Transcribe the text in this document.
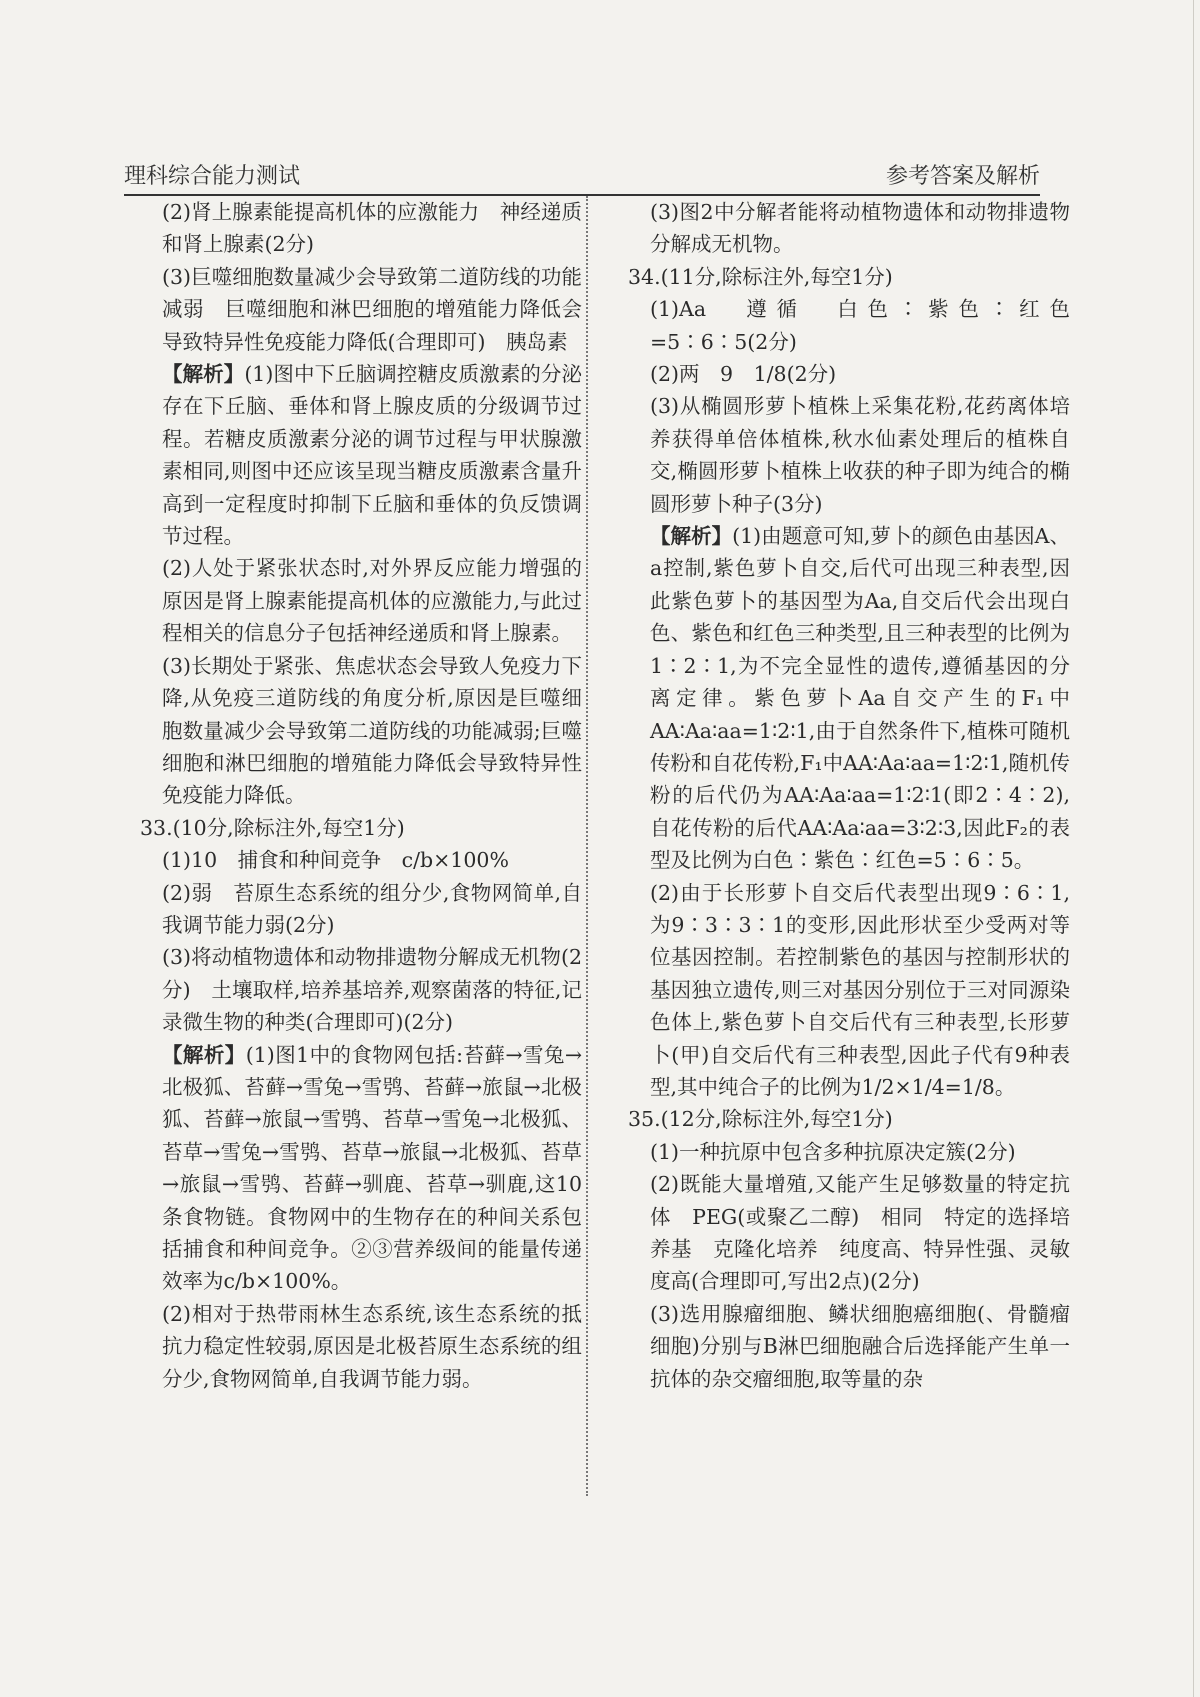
理科综合能力测试	参考答案及解析

(2)肾上腺素能提高机体的应激能力　神经递质和肾上腺素(2分)

(3)巨噬细胞数量减少会导致第二道防线的功能减弱　巨噬细胞和淋巴细胞的增殖能力降低会导致特异性免疫能力降低(合理即可)　胰岛素

【解析】(1)图中下丘脑调控糖皮质激素的分泌存在下丘脑、垂体和肾上腺皮质的分级调节过程。若糖皮质激素分泌的调节过程与甲状腺激素相同,则图中还应该呈现当糖皮质激素含量升高到一定程度时抑制下丘脑和垂体的负反馈调节过程。

(2)人处于紧张状态时,对外界反应能力增强的原因是肾上腺素能提高机体的应激能力,与此过程相关的信息分子包括神经递质和肾上腺素。

(3)长期处于紧张、焦虑状态会导致人免疫力下降,从免疫三道防线的角度分析,原因是巨噬细胞数量减少会导致第二道防线的功能减弱;巨噬细胞和淋巴细胞的增殖能力降低会导致特异性免疫能力降低。

33.(10分,除标注外,每空1分)

(1)10　捕食和种间竞争　c/b×100%

(2)弱　苔原生态系统的组分少,食物网简单,自我调节能力弱(2分)

(3)将动植物遗体和动物排遗物分解成无机物(2分)　土壤取样,培养基培养,观察菌落的特征,记录微生物的种类(合理即可)(2分)

【解析】(1)图1中的食物网包括:苔藓→雪兔→北极狐、苔藓→雪兔→雪鸮、苔藓→旅鼠→北极狐、苔藓→旅鼠→雪鸮、苔草→雪兔→北极狐、苔草→雪兔→雪鸮、苔草→旅鼠→北极狐、苔草→旅鼠→雪鸮、苔藓→驯鹿、苔草→驯鹿,这10条食物链。食物网中的生物存在的种间关系包括捕食和种间竞争。②③营养级间的能量传递效率为c/b×100%。

(2)相对于热带雨林生态系统,该生态系统的抵抗力稳定性较弱,原因是北极苔原生态系统的组分少,食物网简单,自我调节能力弱。

(3)图2中分解者能将动植物遗体和动物排遗物分解成无机物。

34.(11分,除标注外,每空1分)

(1)Aa　遵循　白色∶紫色∶红色=5∶6∶5(2分)

(2)两　9　1/8(2分)

(3)从椭圆形萝卜植株上采集花粉,花药离体培养获得单倍体植株,秋水仙素处理后的植株自交,椭圆形萝卜植株上收获的种子即为纯合的椭圆形萝卜种子(3分)

【解析】(1)由题意可知,萝卜的颜色由基因A、a控制,紫色萝卜自交,后代可出现三种表型,因此紫色萝卜的基因型为Aa,自交后代会出现白色、紫色和红色三种类型,且三种表型的比例为1∶2∶1,为不完全显性的遗传,遵循基因的分离定律。紫色萝卜Aa自交产生的F₁中AA∶Aa∶aa=1∶2∶1,由于自然条件下,植株可随机传粉和自花传粉,F₁中AA∶Aa∶aa=1∶2∶1,随机传粉的后代仍为AA∶Aa∶aa=1∶2∶1(即2∶4∶2),自花传粉的后代AA∶Aa∶aa=3∶2∶3,因此F₂的表型及比例为白色∶紫色∶红色=5∶6∶5。

(2)由于长形萝卜自交后代表型出现9∶6∶1,为9∶3∶3∶1的变形,因此形状至少受两对等位基因控制。若控制紫色的基因与控制形状的基因独立遗传,则三对基因分别位于三对同源染色体上,紫色萝卜自交后代有三种表型,长形萝卜(甲)自交后代有三种表型,因此子代有9种表型,其中纯合子的比例为1/2×1/4=1/8。

35.(12分,除标注外,每空1分)

(1)一种抗原中包含多种抗原决定簇(2分)

(2)既能大量增殖,又能产生足够数量的特定抗体　PEG(或聚乙二醇)　相同　特定的选择培养基　克隆化培养　纯度高、特异性强、灵敏度高(合理即可,写出2点)(2分)

(3)选用腺瘤细胞、鳞状细胞癌细胞(、骨髓瘤细胞)分别与B淋巴细胞融合后选择能产生单一抗体的杂交瘤细胞,取等量的杂
